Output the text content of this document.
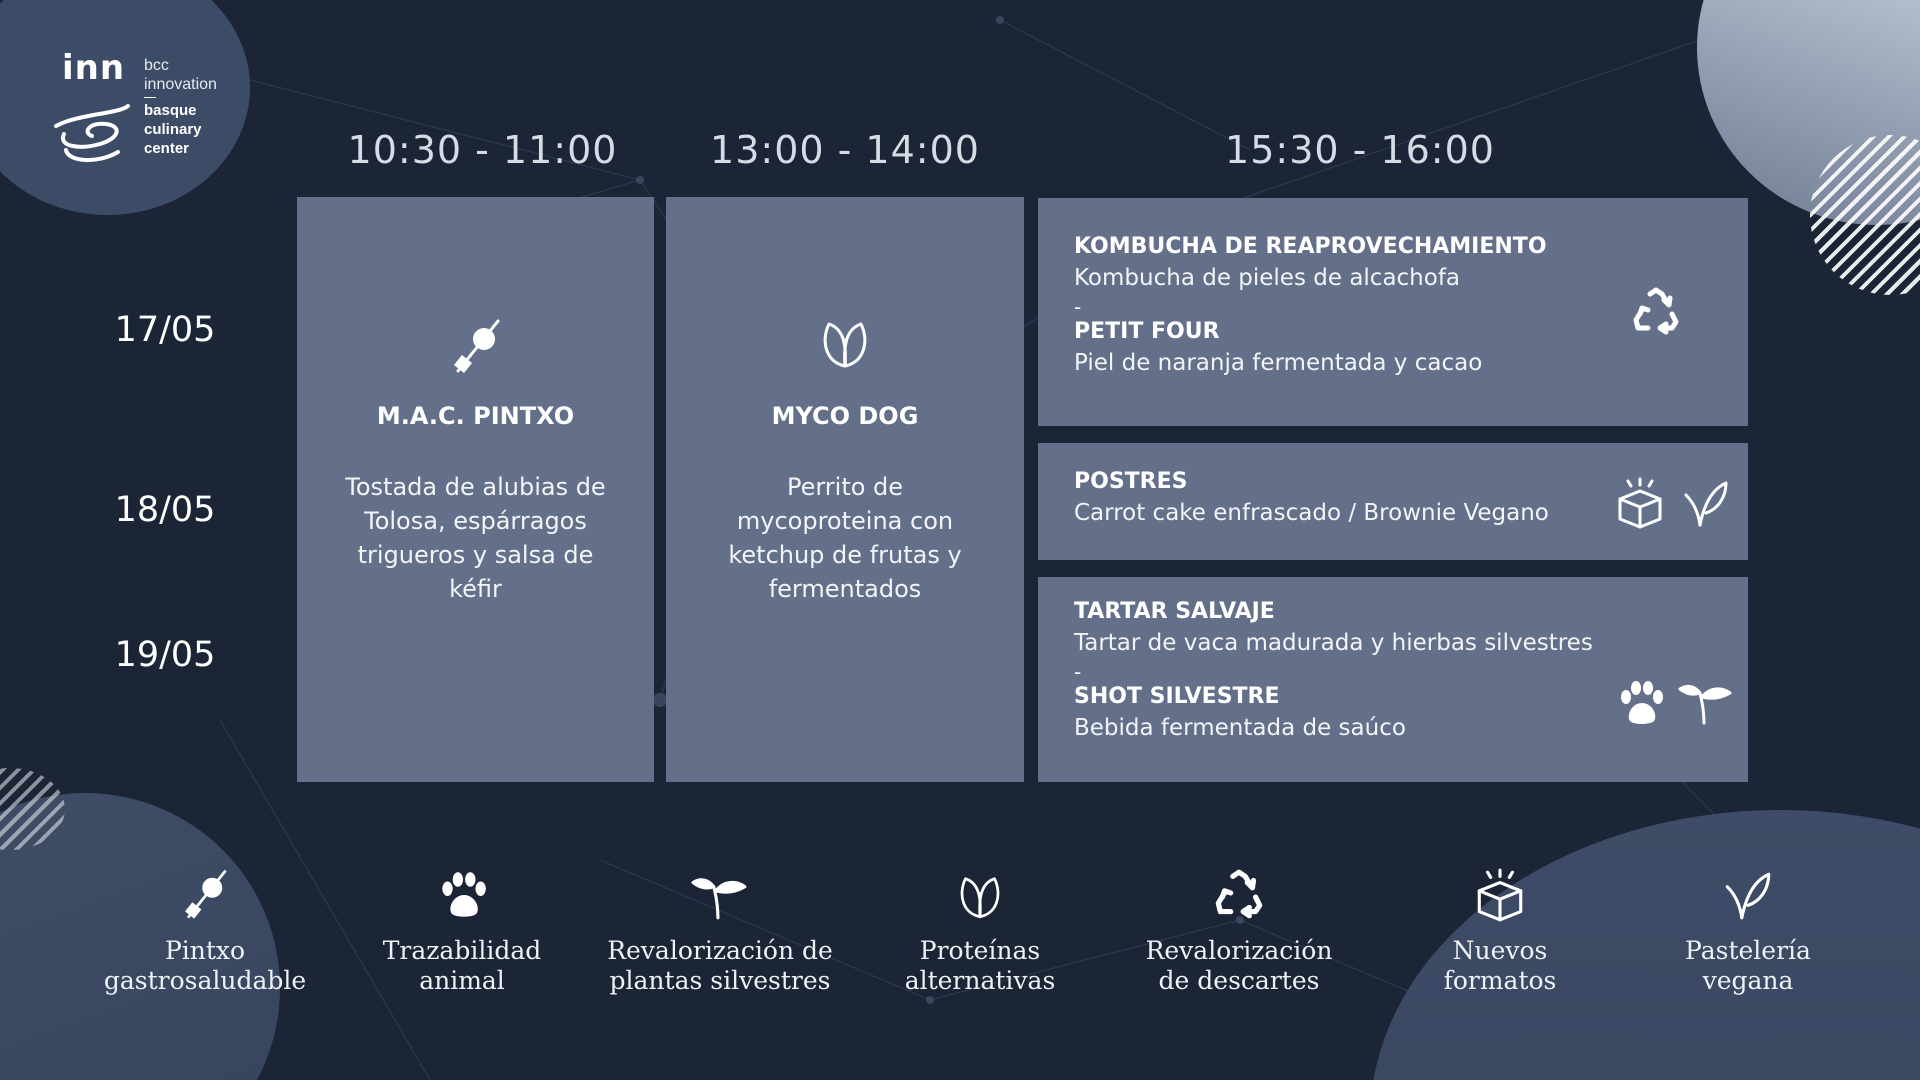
inn bcc
innovation
basque
culinary
center	10:30 - 11:00 13:00 - 14:00	15:30 - 16:00
17/05
18/05
19/05
M.A.C. PINTXO
Tostada de alubias de
Tolosa, espárragos
trigueros y salsa de
kéfir
MYCO DOG
Perrito de
mycoproteina con
ketchup de frutas y
fermentados
KOMBUCHA DE REAPROVECHAMIENTO
Kombucha de pieles de alcachofa
-
PETIT FOUR
Piel de naranja fermentada y cacao
POSTRES
Carrot cake enfrascado / Brownie Vegano
TARTAR SALVAJE
Tartar de vaca madurada y hierbas silvestres
-
SHOT SILVESTRE
Bebida fermentada de saúco
Pintxo
gastrosaludable
Trazabilidad
animal
Revalorización de
plantas silvestres
Proteínas
alternativas
Revalorización
de descartes
Nuevos
formatos
Pastelería
vegana
